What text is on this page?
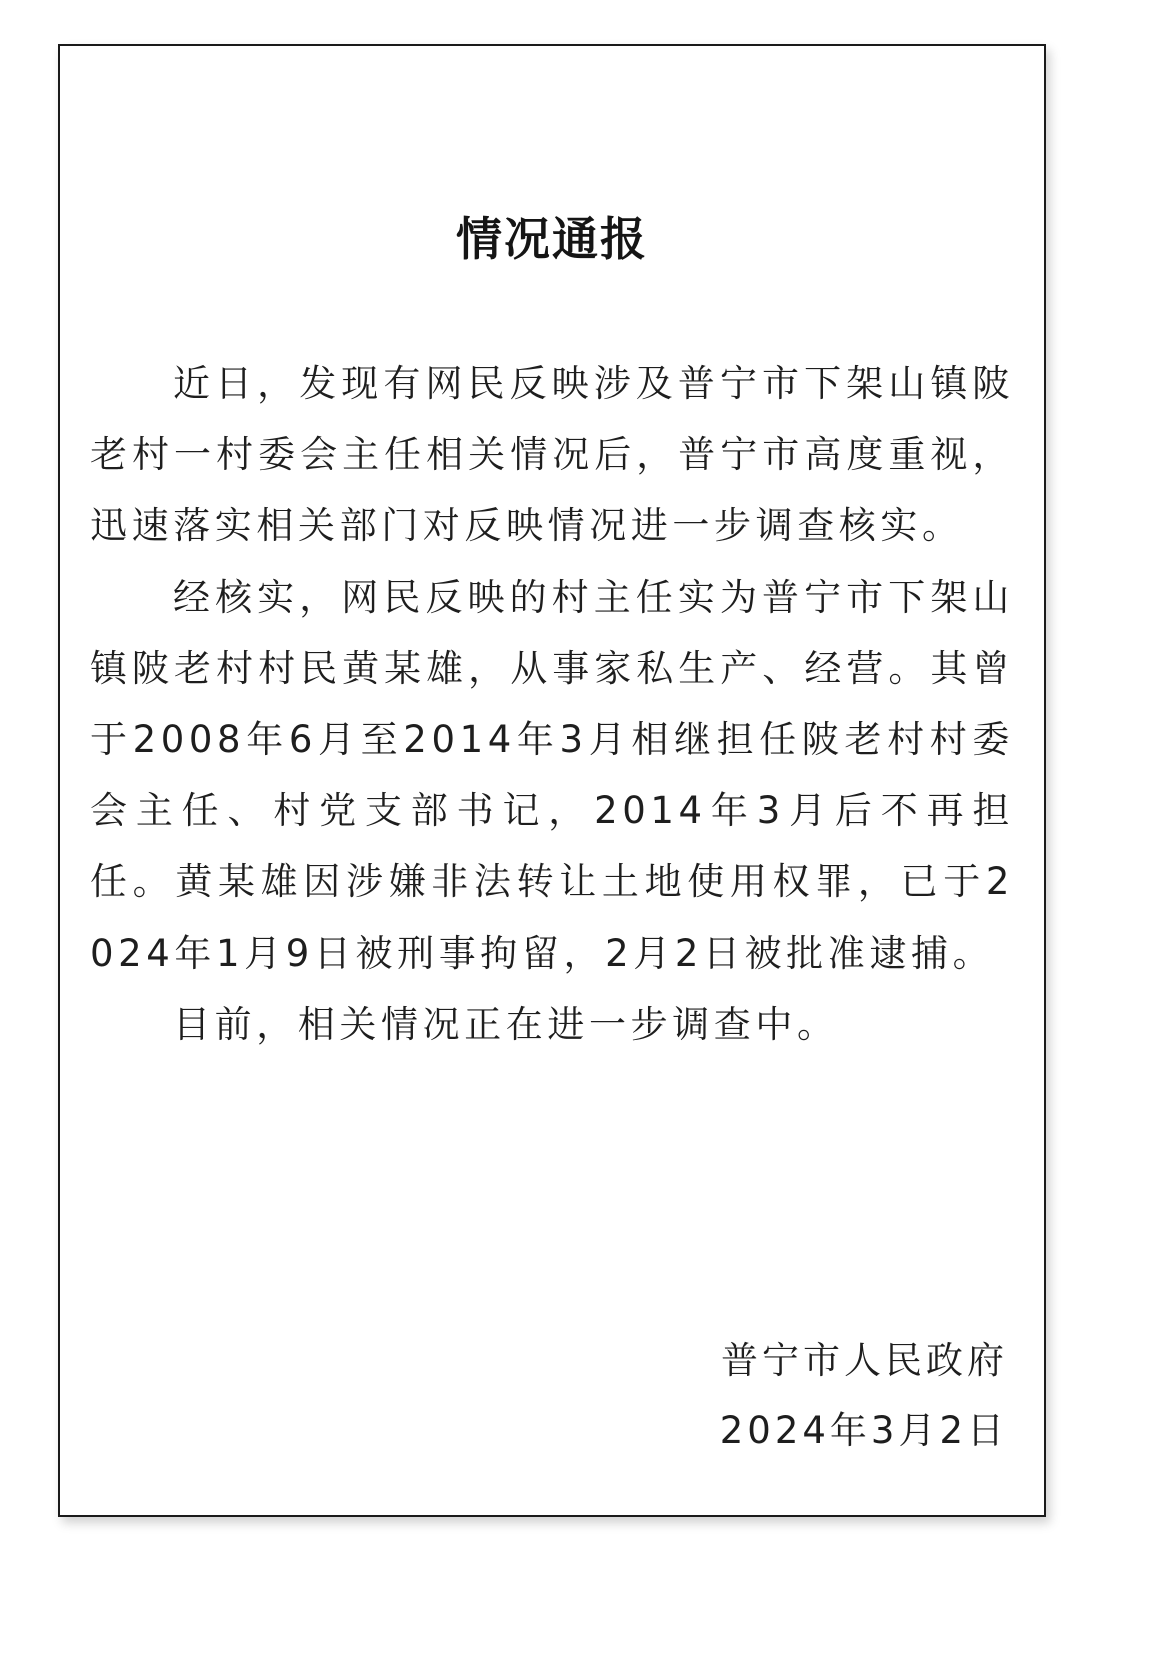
情况通报

近日，发现有网民反映涉及普宁市下架山镇陂老村一村委会主任相关情况后，普宁市高度重视，迅速落实相关部门对反映情况进一步调查核实。

经核实，网民反映的村主任实为普宁市下架山镇陂老村村民黄某雄，从事家私生产、经营。其曾于2008年6月至2014年3月相继担任陂老村村委会主任、村党支部书记，2014年3月后不再担任。黄某雄因涉嫌非法转让土地使用权罪，已于2024年1月9日被刑事拘留，2月2日被批准逮捕。

目前，相关情况正在进一步调查中。

普宁市人民政府
2024年3月2日
